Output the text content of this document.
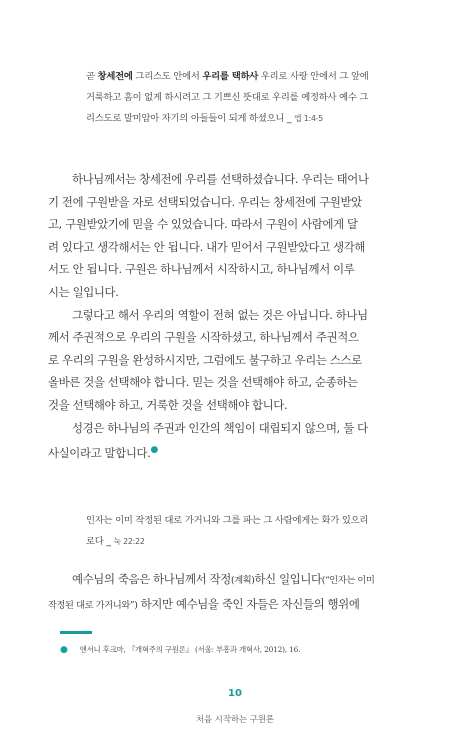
곧 창세전에 그리스도 안에서 우리를 택하사 우리로 사랑 안에서 그 앞에
거룩하고 흠이 없게 하시려고 그 기쁘신 뜻대로 우리를 예정하사 예수 그
리스도로 말미암아 자기의 아들들이 되게 하셨으니 _ 엡 1:4-5

하나님께서는 창세전에 우리를 선택하셨습니다. 우리는 태어나
기 전에 구원받을 자로 선택되었습니다. 우리는 창세전에 구원받았
고, 구원받았기에 믿을 수 있었습니다. 따라서 구원이 사람에게 달
려 있다고 생각해서는 안 됩니다. 내가 믿어서 구원받았다고 생각해
서도 안 됩니다. 구원은 하나님께서 시작하시고, 하나님께서 이루
시는 일입니다.

그렇다고 해서 우리의 역할이 전혀 없는 것은 아닙니다. 하나님
께서 주권적으로 우리의 구원을 시작하셨고, 하나님께서 주권적으
로 우리의 구원을 완성하시지만, 그럼에도 불구하고 우리는 스스로
올바른 것을 선택해야 합니다. 믿는 것을 선택해야 하고, 순종하는
것을 선택해야 하고, 거룩한 것을 선택해야 합니다.

성경은 하나님의 주권과 인간의 책임이 대립되지 않으며, 둘 다
사실이라고 말합니다.●

인자는 이미 작정된 대로 가거니와 그를 파는 그 사람에게는 화가 있으리
로다 _ 눅 22:22

예수님의 죽음은 하나님께서 작정(계획)하신 일입니다(“인자는 이미
작정된 대로 가거니와”) 하지만 예수님을 죽인 자들은 자신들의 행위에

● 앤서니 후크마, 『개혁주의 구원론』 (서울: 부흥과 개혁사, 2012), 16.
10
처음 시작하는 구원론
